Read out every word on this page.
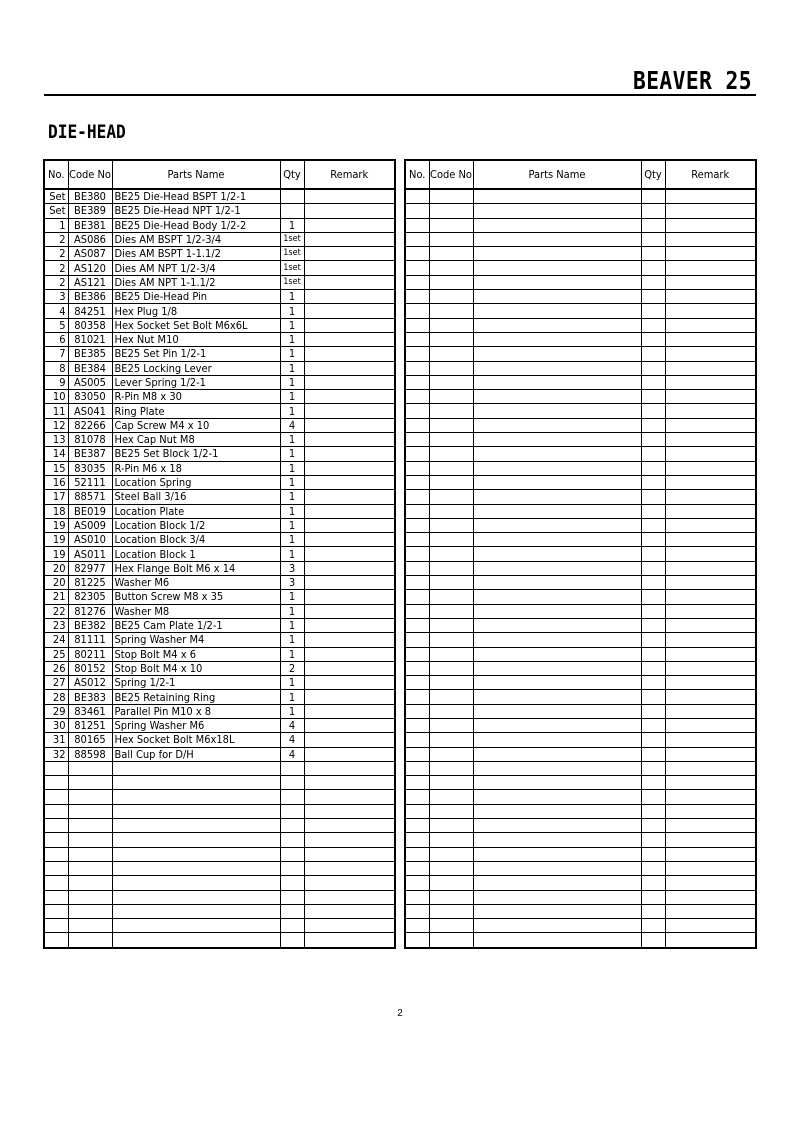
BEAVER 25
DIE-HEAD
No.	Code No	Parts Name	Qty	Remark
Set	BE380	BE25 Die-Head BSPT 1/2-1		
Set	BE389	BE25 Die-Head NPT 1/2-1		
1	BE381	BE25 Die-Head Body 1/2-2	1	
2	AS086	Dies AM BSPT 1/2-3/4	1set	
2	AS087	Dies AM BSPT 1-1.1/2	1set	
2	AS120	Dies AM NPT 1/2-3/4	1set	
2	AS121	Dies AM NPT 1-1.1/2	1set	
3	BE386	BE25 Die-Head Pin	1	
4	84251	Hex Plug 1/8	1	
5	80358	Hex Socket Set Bolt M6x6L	1	
6	81021	Hex Nut M10	1	
7	BE385	BE25 Set Pin 1/2-1	1	
8	BE384	BE25 Locking Lever	1	
9	AS005	Lever Spring 1/2-1	1	
10	83050	R-Pin M8 x 30	1	
11	AS041	Ring Plate	1	
12	82266	Cap Screw M4 x 10	4	
13	81078	Hex Cap Nut M8	1	
14	BE387	BE25 Set Block 1/2-1	1	
15	83035	R-Pin M6 x 18	1	
16	52111	Location Spring	1	
17	88571	Steel Ball 3/16	1	
18	BE019	Location Plate	1	
19	AS009	Location Block 1/2	1	
19	AS010	Location Block 3/4	1	
19	AS011	Location Block 1	1	
20	82977	Hex Flange Bolt M6 x 14	3	
20	81225	Washer M6	3	
21	82305	Button Screw M8 x 35	1	
22	81276	Washer M8	1	
23	BE382	BE25 Cam Plate 1/2-1	1	
24	81111	Spring Washer M4	1	
25	80211	Stop Bolt M4 x 6	1	
26	80152	Stop Bolt M4 x 10	2	
27	AS012	Spring 1/2-1	1	
28	BE383	BE25 Retaining Ring	1	
29	83461	Parallel Pin M10 x 8	1	
30	81251	Spring Washer M6	4	
31	80165	Hex Socket Bolt M6x18L	4	
32	88598	Ball Cup for D/H	4	

No.	Code No	Parts Name	Qty	Remark

2
